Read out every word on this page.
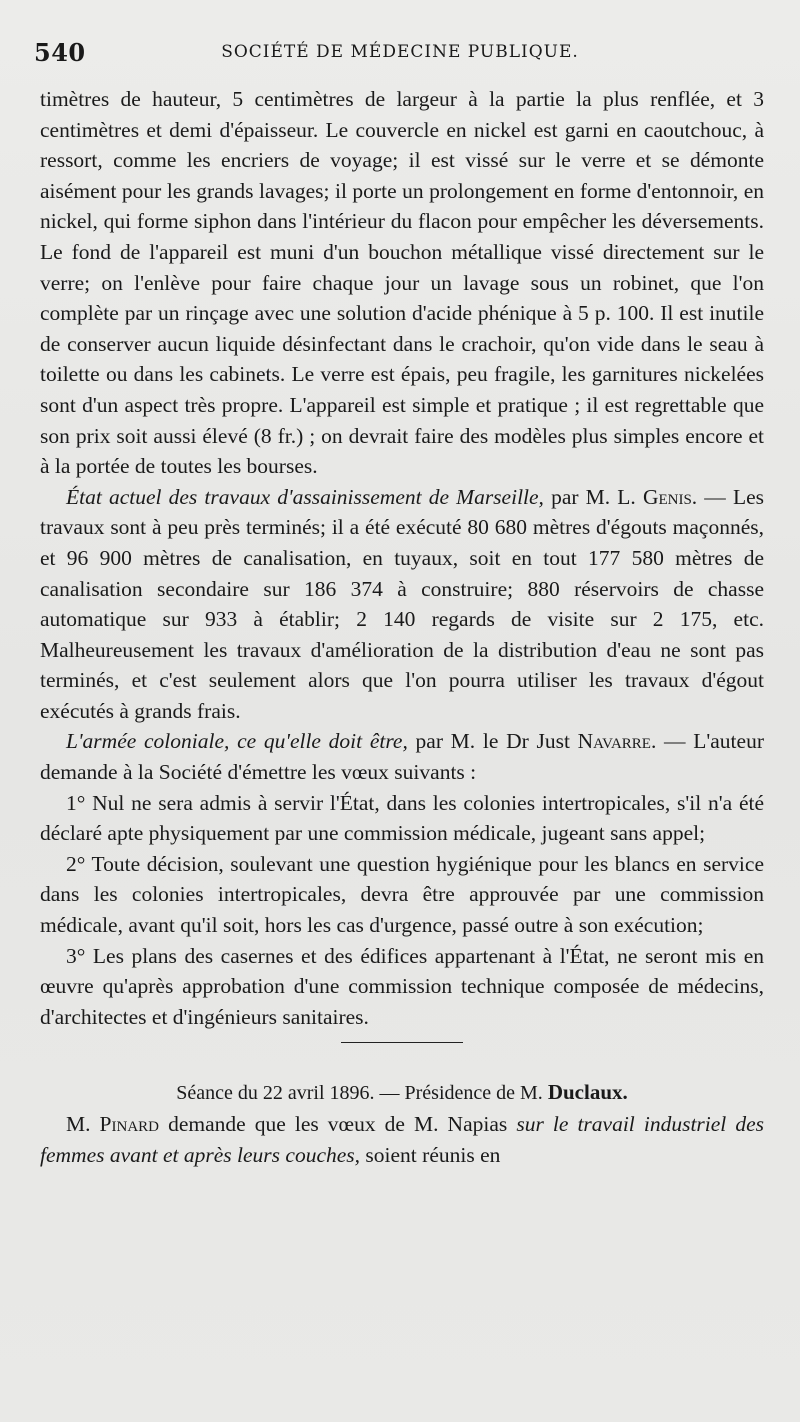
540	SOCIÉTÉ DE MÉDECINE PUBLIQUE.

timètres de hauteur, 5 centimètres de largeur à la partie la plus renflée, et 3 centimètres et demi d'épaisseur. Le couvercle en nickel est garni en caoutchouc, à ressort, comme les encriers de voyage; il est vissé sur le verre et se démonte aisément pour les grands lavages; il porte un prolongement en forme d'entonnoir, en nickel, qui forme siphon dans l'intérieur du flacon pour empêcher les déversements. Le fond de l'appareil est muni d'un bouchon métallique vissé directement sur le verre; on l'enlève pour faire chaque jour un lavage sous un robinet, que l'on complète par un rinçage avec une solution d'acide phénique à 5 p. 100. Il est inutile de conserver aucun liquide désinfectant dans le crachoir, qu'on vide dans le seau à toilette ou dans les cabinets. Le verre est épais, peu fragile, les garnitures nickelées sont d'un aspect très propre. L'appareil est simple et pratique ; il est regrettable que son prix soit aussi élevé (8 fr.) ; on devrait faire des modèles plus simples encore et à la portée de toutes les bourses.

État actuel des travaux d'assainissement de Marseille, par M. L. Genis. — Les travaux sont à peu près terminés; il a été exécuté 80 680 mètres d'égouts maçonnés, et 96 900 mètres de canalisation, en tuyaux, soit en tout 177 580 mètres de canalisation secondaire sur 186 374 à construire; 880 réservoirs de chasse automatique sur 933 à établir; 2 140 regards de visite sur 2 175, etc. Malheureusement les travaux d'amélioration de la distribution d'eau ne sont pas terminés, et c'est seulement alors que l'on pourra utiliser les travaux d'égout exécutés à grands frais.

L'armée coloniale, ce qu'elle doit être, par M. le Dr Just Navarre. — L'auteur demande à la Société d'émettre les vœux suivants :

1° Nul ne sera admis à servir l'État, dans les colonies intertropicales, s'il n'a été déclaré apte physiquement par une commission médicale, jugeant sans appel;

2° Toute décision, soulevant une question hygiénique pour les blancs en service dans les colonies intertropicales, devra être approuvée par une commission médicale, avant qu'il soit, hors les cas d'urgence, passé outre à son exécution;

3° Les plans des casernes et des édifices appartenant à l'État, ne seront mis en œuvre qu'après approbation d'une commission technique composée de médecins, d'architectes et d'ingénieurs sanitaires.

Séance du 22 avril 1896. — Présidence de M. Duclaux.

M. Pinard demande que les vœux de M. Napias sur le travail industriel des femmes avant et après leurs couches, soient réunis en
